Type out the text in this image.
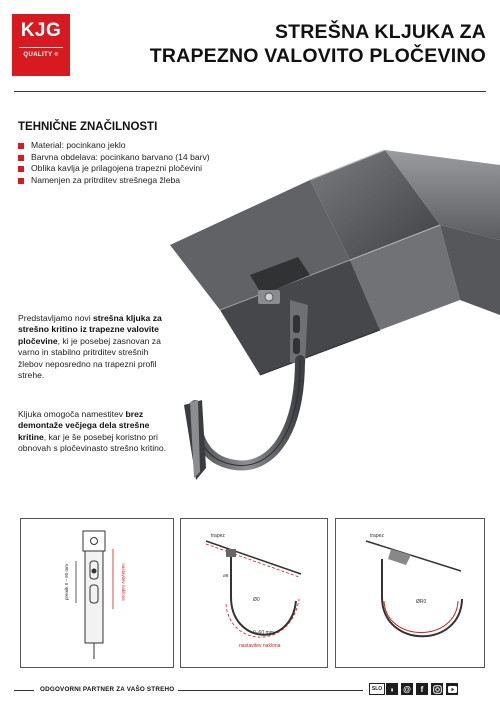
KJG
QUALITY ®
STREŠNA KLJUKA ZA
TRAPEZNO VALOVITO PLOČEVINO
TEHNIČNE ZNAČILNOSTI
Material: pocinkano jeklo
Barvna obdelava: pocinkano barvano (14 barv)
Oblika kavlja je prilagojena trapezni pločevini
Namenjen za pritrditev strešnega žleba
Predstavljamo novi strešna kljuka za strešno kritino iz trapezne valovite pločevine, ki je posebej zasnovan za varno in stabilno pritrditev strešnih žlebov neposredno na trapezni profil strehe.
Kljuka omogoča namestitev brez demontaže večjega dela strešne kritine, kar je še posebej koristno pri obnovah s pločevinasto strešno kritino.
premik 0 – 60 mm	nastavitev naklona
trapez
ø8
Ø0
0–60 mm
nastavitev naklona
trapez
ØR0
ODGOVORNI PARTNER ZA VAŠO STREHO	SLO	▮	@	f
